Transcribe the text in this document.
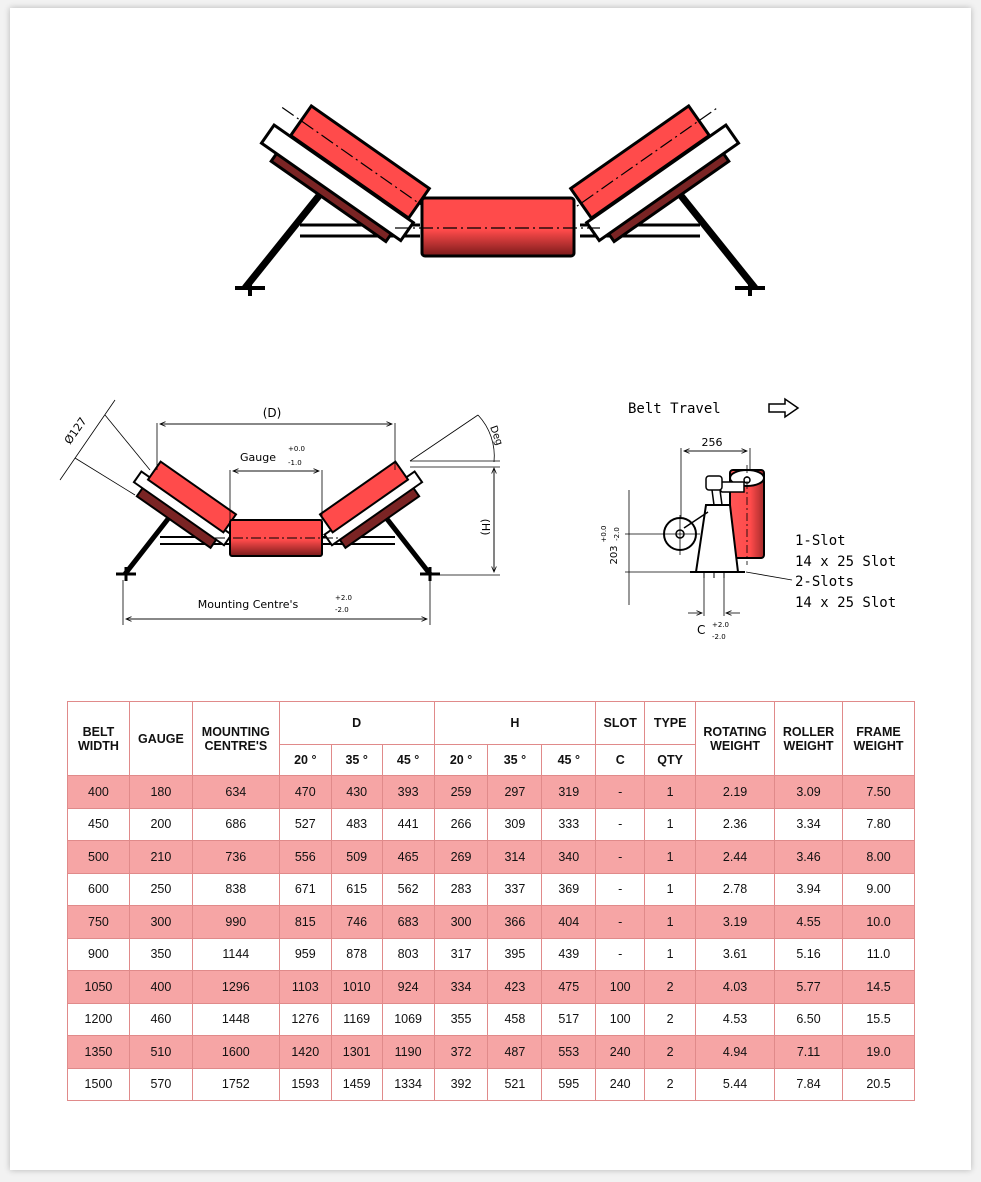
(D)
Gauge
+0.0
-1.0
Ø127	Deg
(H)
Mounting Centre's	+2.0
-2.0
Belt Travel
256
203
+0.0 -2.0	1-Slot
14 x 25 Slot
2-Slots
14 x 25 Slot
C +2.0
-2.0
BELT WIDTH	GAUGE	MOUNTING CENTRE'S	D			H			SLOT	TYPE	ROTATING WEIGHT	ROLLER WEIGHT	FRAME WEIGHT
			20 °	35 °	45 °	20 °	35 °	45 °	C	QTY			
400	180	634	470	430	393	259	297	319	-	1	2.19	3.09	7.50
450	200	686	527	483	441	266	309	333	-	1	2.36	3.34	7.80
500	210	736	556	509	465	269	314	340	-	1	2.44	3.46	8.00
600	250	838	671	615	562	283	337	369	-	1	2.78	3.94	9.00
750	300	990	815	746	683	300	366	404	-	1	3.19	4.55	10.0
900	350	1144	959	878	803	317	395	439	-	1	3.61	5.16	11.0
1050	400	1296	1103	1010	924	334	423	475	100	2	4.03	5.77	14.5
1200	460	1448	1276	1169	1069	355	458	517	100	2	4.53	6.50	15.5
1350	510	1600	1420	1301	1190	372	487	553	240	2	4.94	7.11	19.0
1500	570	1752	1593	1459	1334	392	521	595	240	2	5.44	7.84	20.5
